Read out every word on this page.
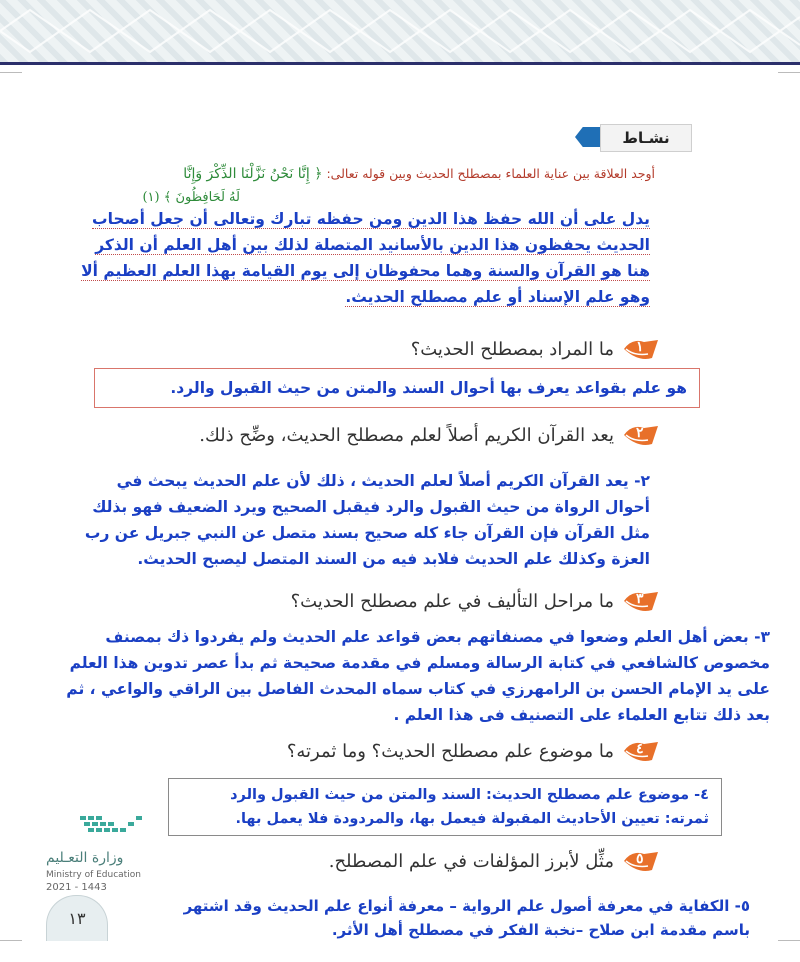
نشـاط
أوجد العلاقة بين عناية العلماء بمصطلح الحديث وبين قوله تعالى: ﴿ إِنَّا نَحْنُ نَزَّلْنَا الذِّكْرَ وَإِنَّا
لَهُ لَحَافِظُونَ ﴾ (١)
يدل على أن الله حفظ هذا الدين ومن حفظه تبارك وتعالى أن جعل أصحاب الحديث يحفظون هذا الدين بالأسانيد المتصلة لذلك بين أهل العلم أن الذكر هنا هو القرآن والسنة وهما محفوظان إلى يوم القيامة بهذا العلم العظيم ألا وهو علم الإسناد أو علم مصطلح الحديث.
١
ما المراد بمصطلح الحديث؟
هو علم بقواعد يعرف بها أحوال السند والمتن من حيث القبول والرد.
٢
يعد القرآن الكريم أصلاً لعلم مصطلح الحديث، وضِّح ذلك.
٢- يعد القرآن الكريم أصلاً لعلم الحديث ، ذلك لأن علم الحديث يبحث في أحوال الرواة من حيث القبول والرد فيقبل الصحيح ويرد الضعيف فهو بذلك مثل القرآن فإن القرآن جاء كله صحيح بسند متصل عن النبي جبريل عن رب العزة وكذلك علم الحديث فلابد فيه من السند المتصل ليصبح الحديث.
٣
ما مراحل التأليف في علم مصطلح الحديث؟
٣- بعض أهل العلم وضعوا في مصنفاتهم بعض قواعد علم الحديث ولم يفردوا ذك بمصنف مخصوص كالشافعي في كتابة الرسالة ومسلم في مقدمة صحيحة ثم بدأ عصر تدوين هذا العلم على يد الإمام الحسن بن الرامهرزي في كتاب سماه المحدث الفاصل بين الراقي والواعي ، ثم بعد ذلك تتابع العلماء على التصنيف فى هذا العلم .
٤
ما موضوع علم مصطلح الحديث؟ وما ثمرته؟
٤- موضوع علم مصطلح الحديث: السند والمتن من حيث القبول والرد
ثمرته: تعيين الأحاديث المقبولة فيعمل بها، والمردودة فلا يعمل بها.
٥
مثِّل لأبرز المؤلفات في علم المصطلح.
٥- الكفاية في معرفة أصول علم الرواية – معرفة أنواع علم الحديث وقد اشتهر باسم مقدمة ابن صلاح –نخبة الفكر في مصطلح أهل الأثر.
وزارة التعـليم
Ministry of Education
2021 - 1443
١٣
